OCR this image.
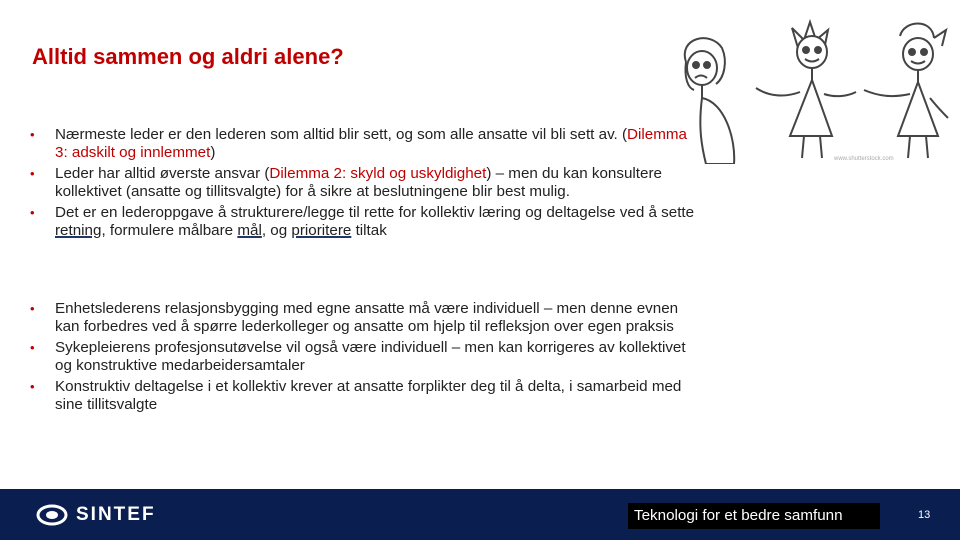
Alltid sammen og aldri alene?
www.shutterstock.com
• Nærmeste leder er den lederen som alltid blir sett, og som alle ansatte vil bli sett av. (Dilemma 3: adskilt og innlemmet)
• Leder har alltid øverste ansvar (Dilemma 2: skyld og uskyldighet) – men du kan konsultere kollektivet (ansatte og tillitsvalgte) for å sikre at beslutningene blir best mulig.
• Det er en lederoppgave å strukturere/legge til rette for kollektiv læring og deltagelse ved å sette retning, formulere målbare mål, og prioritere tiltak
• Enhetslederens relasjonsbygging med egne ansatte må være individuell – men denne evnen kan forbedres ved å spørre lederkolleger og ansatte om hjelp til refleksjon over egen praksis
• Sykepleierens profesjonsutøvelse vil også være individuell – men kan korrigeres av kollektivet og konstruktive medarbeidersamtaler
• Konstruktiv deltagelse i et kollektiv krever at ansatte forplikter deg til å delta, i samarbeid med sine tillitsvalgte
SINTEF	Teknologi for et bedre samfunn	13
